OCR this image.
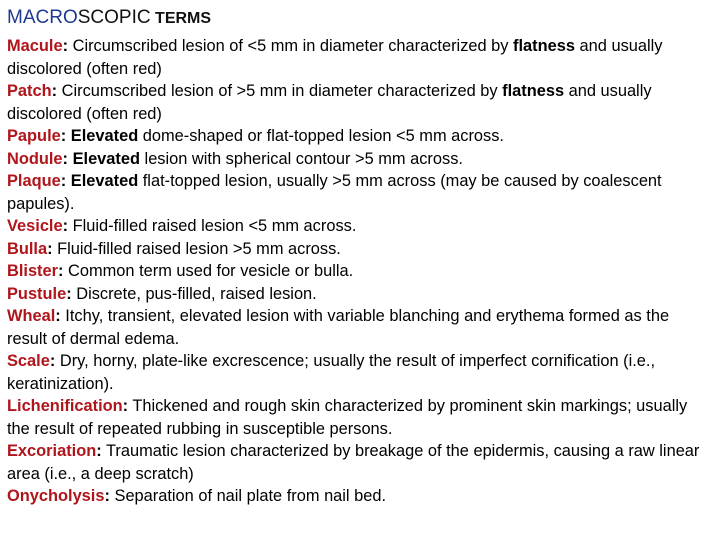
MACROSCOPIC TERMS

Macule: Circumscribed lesion of <5 mm in diameter characterized by flatness and usually discolored (often red)

Patch: Circumscribed lesion of >5 mm in diameter characterized by flatness and usually discolored (often red)

Papule: Elevated dome-shaped or flat-topped lesion <5 mm across.

Nodule: Elevated lesion with spherical contour >5 mm across.

Plaque: Elevated flat-topped lesion, usually >5 mm across (may be caused by coalescent papules).

Vesicle: Fluid-filled raised lesion <5 mm across.

Bulla: Fluid-filled raised lesion >5 mm across.

Blister: Common term used for vesicle or bulla.

Pustule: Discrete, pus-filled, raised lesion.

Wheal: Itchy, transient, elevated lesion with variable blanching and erythema formed as the result of dermal edema.

Scale: Dry, horny, plate-like excrescence; usually the result of imperfect cornification (i.e., keratinization).

Lichenification: Thickened and rough skin characterized by prominent skin markings; usually the result of repeated rubbing in susceptible persons.

Excoriation: Traumatic lesion characterized by breakage of the epidermis, causing a raw linear area (i.e., a deep scratch)

Onycholysis: Separation of nail plate from nail bed.
